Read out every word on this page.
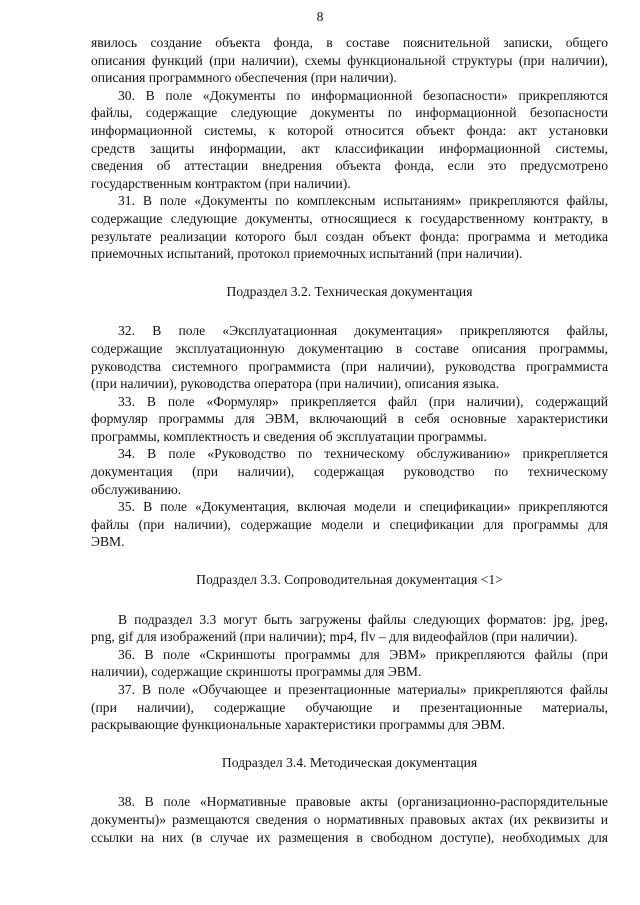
8

явилось создание объекта фонда, в составе пояснительной записки, общего

описания функций (при наличии), схемы функциональной структуры (при наличии),

описания программного обеспечения (при наличии).

30. В поле «Документы по информационной безопасности» прикрепляются

файлы, содержащие следующие документы по информационной безопасности

информационной системы, к которой относится объект фонда: акт установки

средств защиты информации, акт классификации информационной системы,

сведения об аттестации внедрения объекта фонда, если это предусмотрено

государственным контрактом (при наличии).

31. В поле «Документы по комплексным испытаниям» прикрепляются файлы,

содержащие следующие документы, относящиеся к государственному контракту, в

результате реализации которого был создан объект фонда: программа и методика

приемочных испытаний, протокол приемочных испытаний (при наличии).

Подраздел 3.2. Техническая документация

32. В поле «Эксплуатационная документация» прикрепляются файлы,

содержащие эксплуатационную документацию в составе описания программы,

руководства системного программиста (при наличии), руководства программиста

(при наличии), руководства оператора (при наличии), описания языка.

33. В поле «Формуляр» прикрепляется файл (при наличии), содержащий

формуляр программы для ЭВМ, включающий в себя основные характеристики

программы, комплектность и сведения об эксплуатации программы.

34. В поле «Руководство по техническому обслуживанию» прикрепляется

документация (при наличии), содержащая руководство по техническому

обслуживанию.

35. В поле «Документация, включая модели и спецификации» прикрепляются

файлы (при наличии), содержащие модели и спецификации для программы для

ЭВМ.

Подраздел 3.3. Сопроводительная документация <1>

В подраздел 3.3 могут быть загружены файлы следующих форматов: jpg, jpeg,

png, gif для изображений (при наличии); mp4, flv – для видеофайлов (при наличии).

36. В поле «Скриншоты программы для ЭВМ» прикрепляются файлы (при

наличии), содержащие скриншоты программы для ЭВМ.

37. В поле «Обучающее и презентационные материалы» прикрепляются файлы

(при наличии), содержащие обучающие и презентационные материалы,

раскрывающие функциональные характеристики программы для ЭВМ.

Подраздел 3.4. Методическая документация

38. В поле «Нормативные правовые акты (организационно-распорядительные

документы)» размещаются сведения о нормативных правовых актах (их реквизиты и

ссылки на них (в случае их размещения в свободном доступе), необходимых для
